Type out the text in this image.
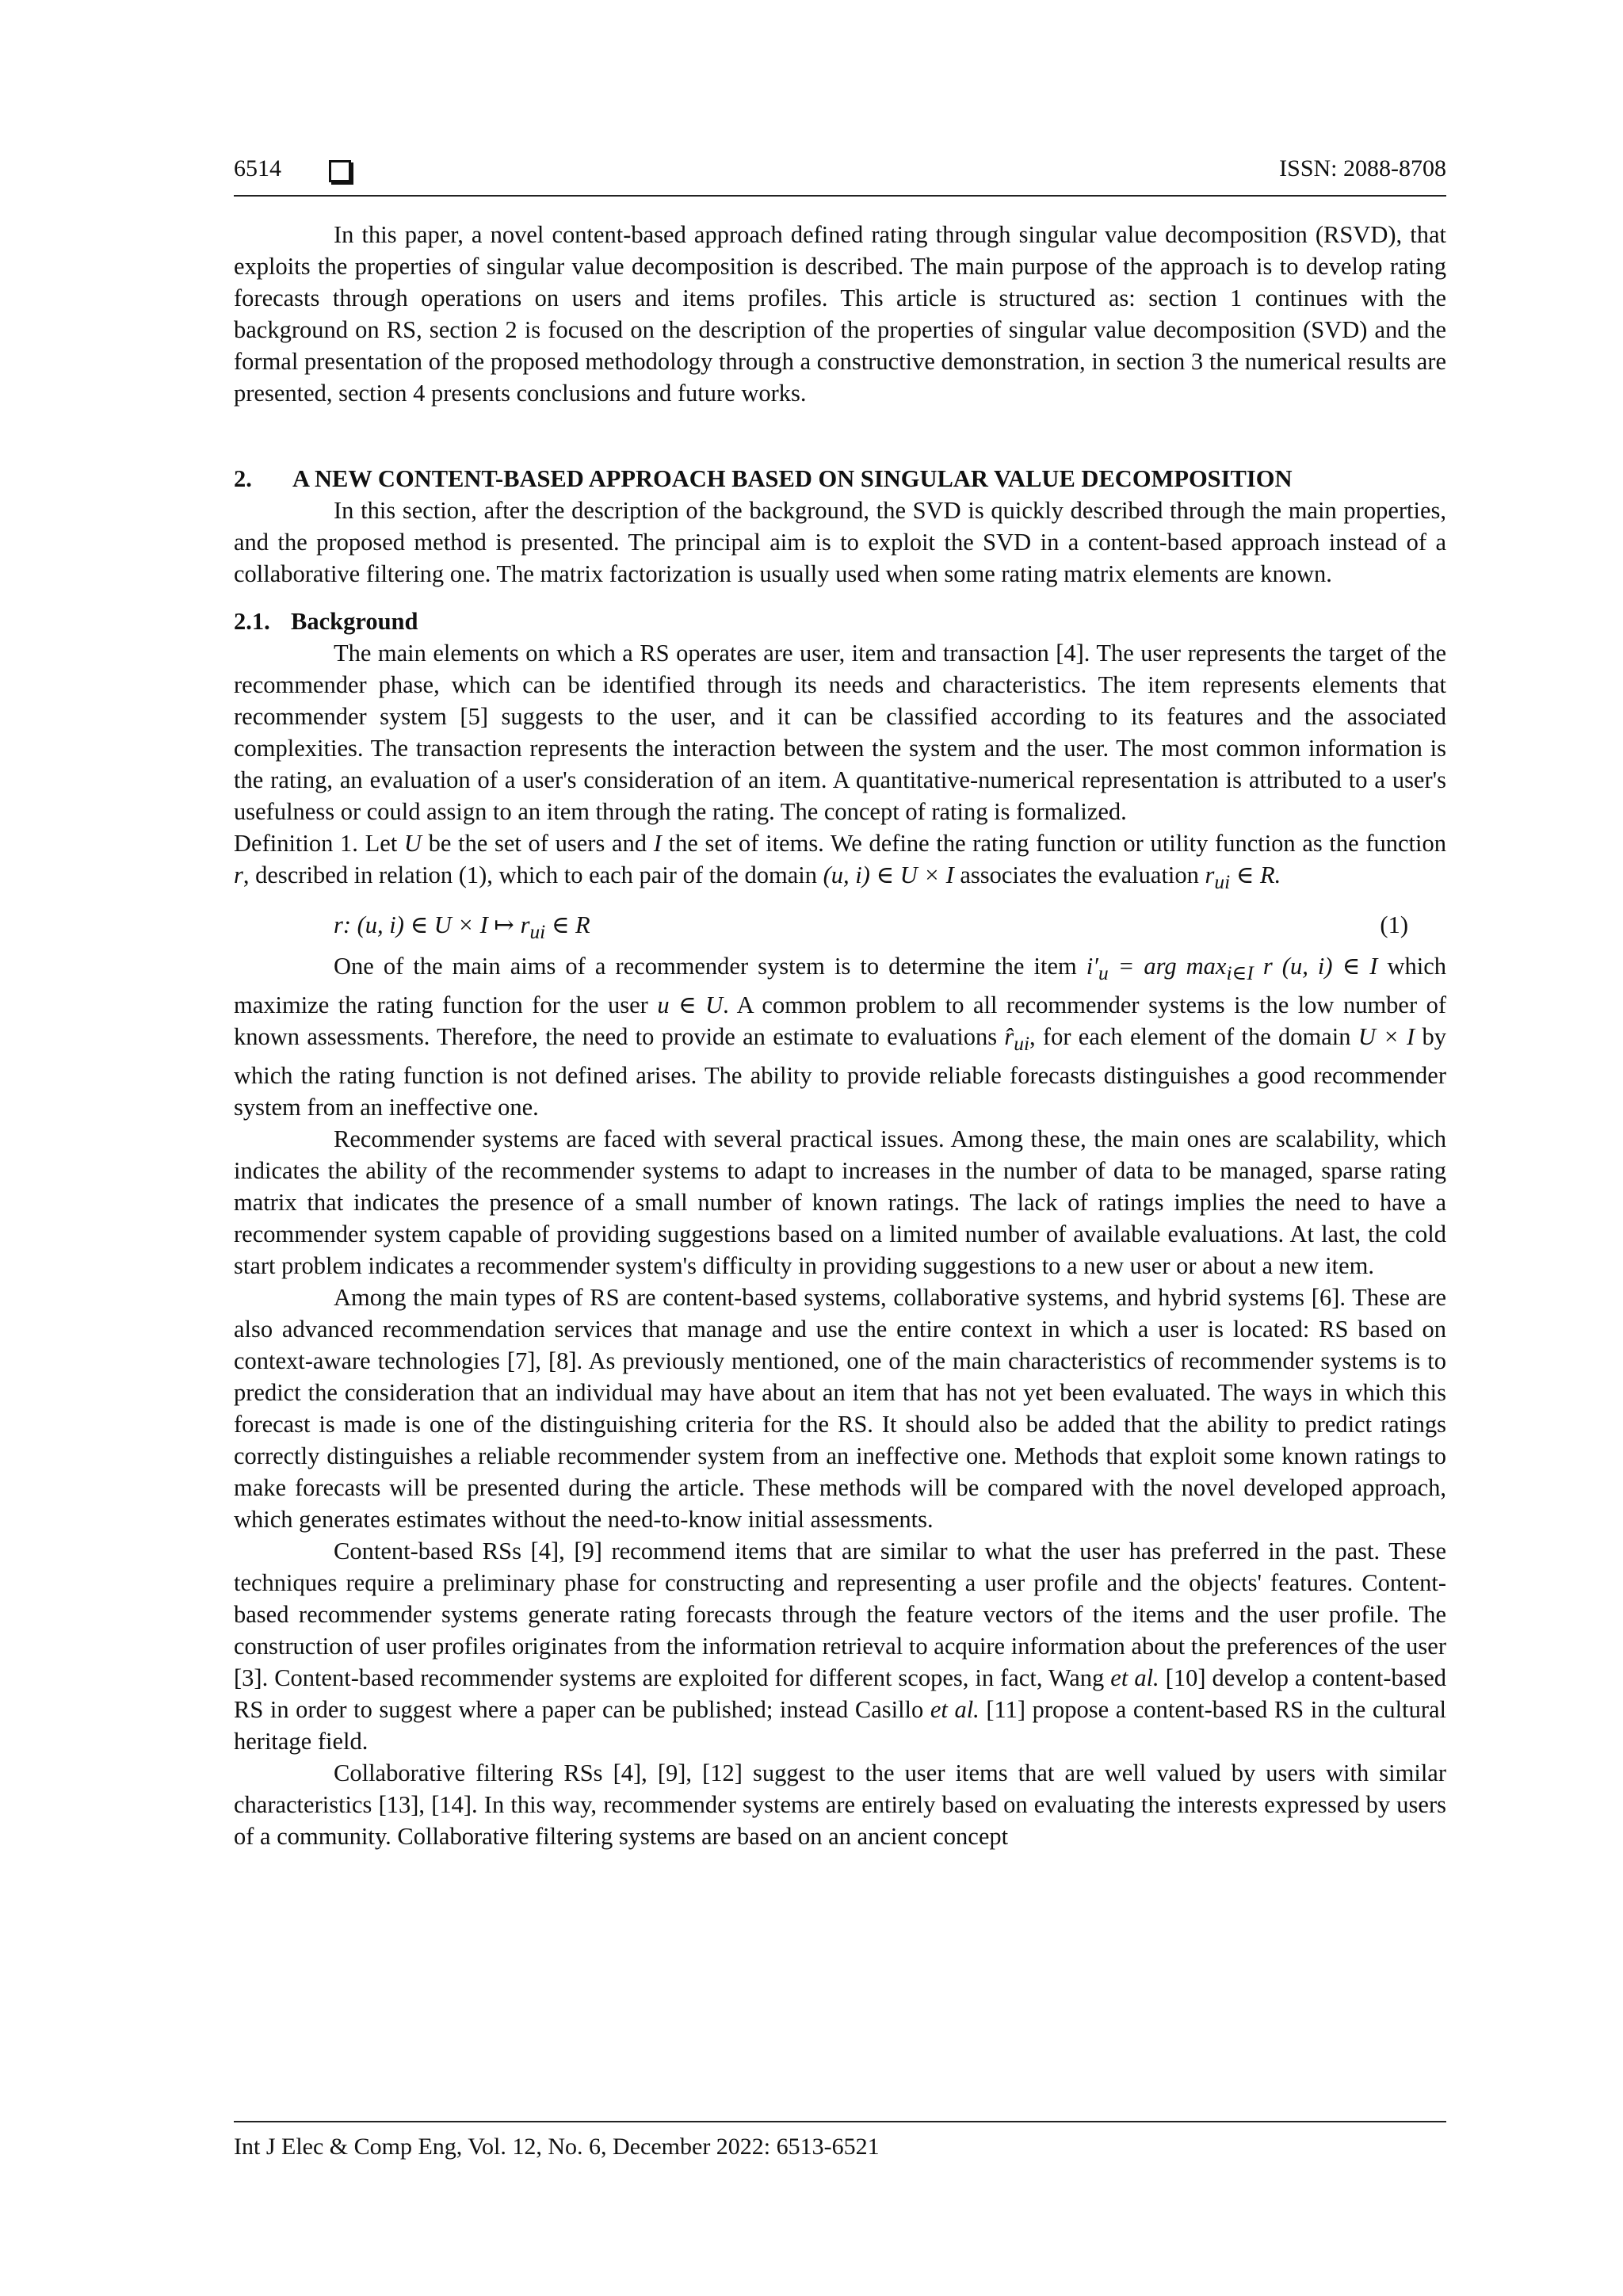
6514	ISSN: 2088-8708

In this paper, a novel content-based approach defined rating through singular value decomposition (RSVD), that exploits the properties of singular value decomposition is described. The main purpose of the approach is to develop rating forecasts through operations on users and items profiles. This article is structured as: section 1 continues with the background on RS, section 2 is focused on the description of the properties of singular value decomposition (SVD) and the formal presentation of the proposed methodology through a constructive demonstration, in section 3 the numerical results are presented, section 4 presents conclusions and future works.

2.	A NEW CONTENT-BASED APPROACH BASED ON SINGULAR VALUE DECOMPOSITION

In this section, after the description of the background, the SVD is quickly described through the main properties, and the proposed method is presented. The principal aim is to exploit the SVD in a content-based approach instead of a collaborative filtering one. The matrix factorization is usually used when some rating matrix elements are known.

2.1. Background

The main elements on which a RS operates are user, item and transaction [4]. The user represents the target of the recommender phase, which can be identified through its needs and characteristics. The item represents elements that recommender system [5] suggests to the user, and it can be classified according to its features and the associated complexities. The transaction represents the interaction between the system and the user. The most common information is the rating, an evaluation of a user's consideration of an item. A quantitative-numerical representation is attributed to a user's usefulness or could assign to an item through the rating. The concept of rating is formalized.

Definition 1. Let U be the set of users and I the set of items. We define the rating function or utility function as the function r, described in relation (1), which to each pair of the domain (u, i) ∈ U × I associates the evaluation $r_{ui}$ ∈ R.

r: (u, i) ∈ U × I ↦ $r_{ui}$ ∈ R	(1)

One of the main aims of a recommender system is to determine the item $i'_u$ = arg $\max_{i\in I} r$ (u, i) ∈ I which maximize the rating function for the user u ∈ U. A common problem to all recommender systems is the low number of known assessments. Therefore, the need to provide an estimate to evaluations $r̂_{ui}$, for each element of the domain U × I by which the rating function is not defined arises. The ability to provide reliable forecasts distinguishes a good recommender system from an ineffective one.

Recommender systems are faced with several practical issues. Among these, the main ones are scalability, which indicates the ability of the recommender systems to adapt to increases in the number of data to be managed, sparse rating matrix that indicates the presence of a small number of known ratings. The lack of ratings implies the need to have a recommender system capable of providing suggestions based on a limited number of available evaluations. At last, the cold start problem indicates a recommender system's difficulty in providing suggestions to a new user or about a new item.

Among the main types of RS are content-based systems, collaborative systems, and hybrid systems [6]. These are also advanced recommendation services that manage and use the entire context in which a user is located: RS based on context-aware technologies [7], [8]. As previously mentioned, one of the main characteristics of recommender systems is to predict the consideration that an individual may have about an item that has not yet been evaluated. The ways in which this forecast is made is one of the distinguishing criteria for the RS. It should also be added that the ability to predict ratings correctly distinguishes a reliable recommender system from an ineffective one. Methods that exploit some known ratings to make forecasts will be presented during the article. These methods will be compared with the novel developed approach, which generates estimates without the need-to-know initial assessments.

Content-based RSs [4], [9] recommend items that are similar to what the user has preferred in the past. These techniques require a preliminary phase for constructing and representing a user profile and the objects' features. Content-based recommender systems generate rating forecasts through the feature vectors of the items and the user profile. The construction of user profiles originates from the information retrieval to acquire information about the preferences of the user [3]. Content-based recommender systems are exploited for different scopes, in fact, Wang et al. [10] develop a content-based RS in order to suggest where a paper can be published; instead Casillo et al. [11] propose a content-based RS in the cultural heritage field.

Collaborative filtering RSs [4], [9], [12] suggest to the user items that are well valued by users with similar characteristics [13], [14]. In this way, recommender systems are entirely based on evaluating the interests expressed by users of a community. Collaborative filtering systems are based on an ancient concept

Int J Elec & Comp Eng, Vol. 12, No. 6, December 2022: 6513-6521
